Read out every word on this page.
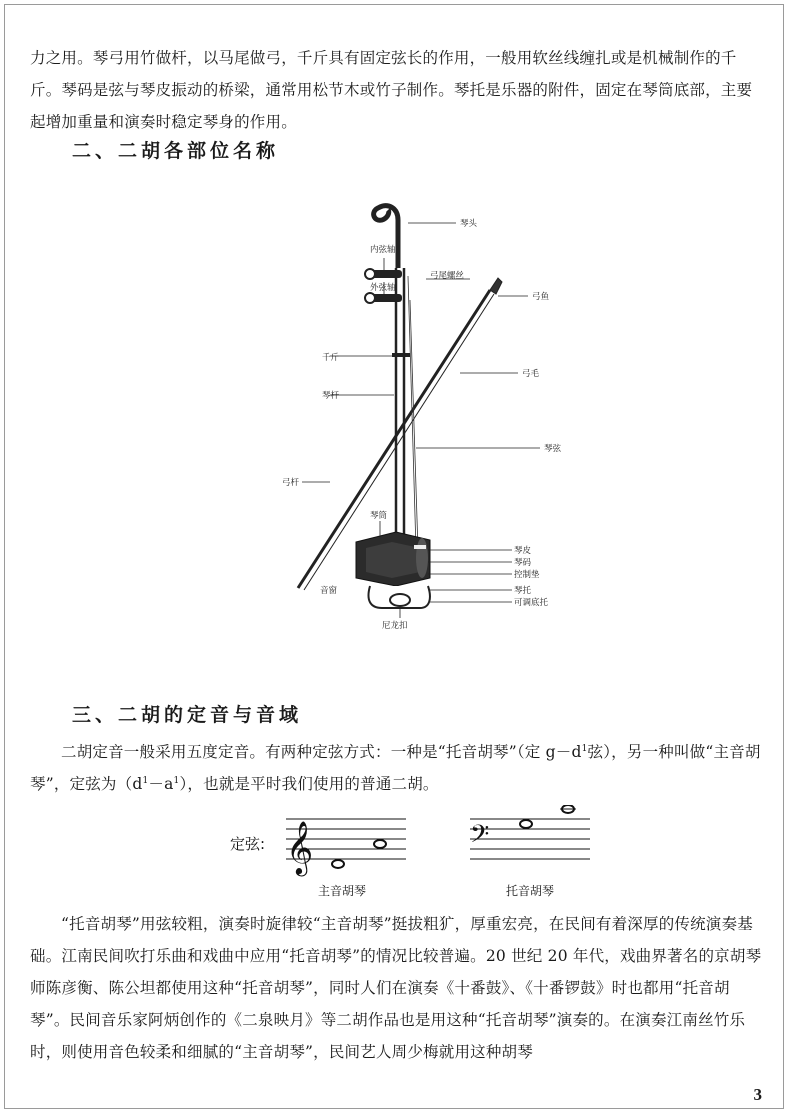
力之用。琴弓用竹做杆，以马尾做弓，千斤具有固定弦长的作用，一般用软丝线缠扎或是机械制作的千斤。琴码是弦与琴皮振动的桥梁，通常用松节木或竹子制作。琴托是乐器的附件，固定在琴筒底部，主要起增加重量和演奏时稳定琴身的作用。

二、二胡各部位名称
琴头
内弦轴
外弦轴
弓尾螺丝
弓鱼
千斤
弓毛
琴杆
琴弦
弓杆
琴筒
琴皮
琴码
控制垫
琴托
可调底托
音窗
尼龙扣
三、二胡的定音与音域

二胡定音一般采用五度定音。有两种定弦方式：一种是“托音胡琴”（定 $g-d^1$弦），另一种叫做“主音胡琴”，定弦为$(d^1-a^1)$，也就是平时我们使用的普通二胡。

定弦: 𝄞	𝄢
主音胡琴	托音胡琴

“托音胡琴”用弦较粗，演奏时旋律较“主音胡琴”挺拔粗犷，厚重宏亮，在民间有着深厚的传统演奏基础。江南民间吹打乐曲和戏曲中应用“托音胡琴”的情况比较普遍。20 世纪 20 年代，戏曲界著名的京胡琴师陈彦衡、陈公坦都使用这种“托音胡琴”，同时人们在演奏《十番鼓》、《十番锣鼓》时也都用“托音胡琴”。民间音乐家阿炳创作的《二泉映月》等二胡作品也是用这种“托音胡琴”演奏的。在演奏江南丝竹乐时，则使用音色较柔和细腻的“主音胡琴”，民间艺人周少梅就用这种胡琴

3
